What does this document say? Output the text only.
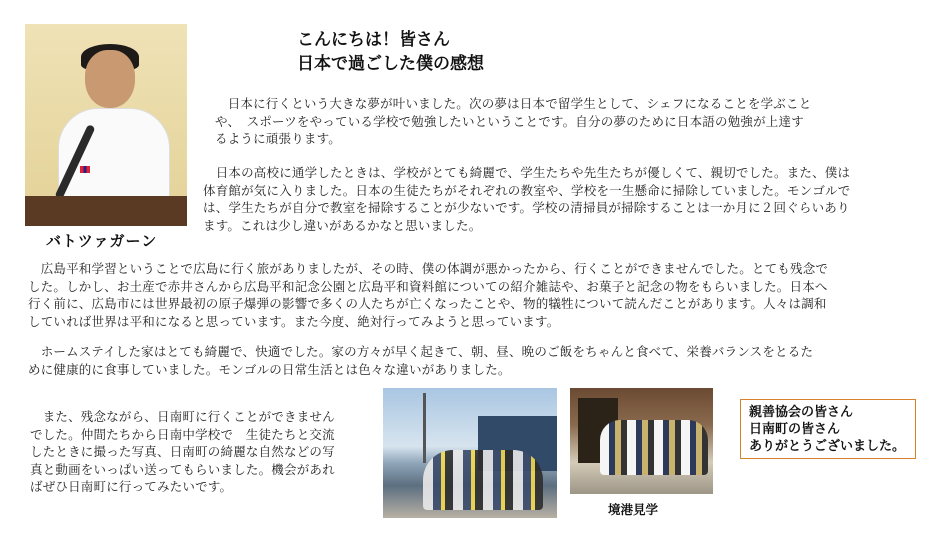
バトツァガーン
こんにちは！皆さん
日本で過ごした僕の感想

　日本に行くという大きな夢が叶いました。次の夢は日本で留学生として、シェフになることを学ぶこと

や、　スポーツをやっている学校で勉強したいということです。自分の夢のために日本語の勉強が上達す

るように頑張ります。

　日本の高校に通学したときは、学校がとても綺麗で、学生たちや先生たちが優しくて、親切でした。また、僕は

体育館が気に入りました。日本の生徒たちがそれぞれの教室や、学校を一生懸命に掃除していました。モンゴルで

は、学生たちが自分で教室を掃除することが少ないです。学校の清掃員が掃除することは一か月に２回ぐらいあり

ます。これは少し違いがあるかなと思いました。

　広島平和学習ということで広島に行く旅がありましたが、その時、僕の体調が悪かったから、行くことができませんでした。とても残念で

した。しかし、お土産で赤井さんから広島平和記念公園と広島平和資料館についての紹介雑誌や、お菓子と記念の物をもらいました。日本へ

行く前に、広島市には世界最初の原子爆弾の影響で多くの人たちが亡くなったことや、物的犠牲について読んだことがあります。人々は調和

していれば世界は平和になると思っています。また今度、絶対行ってみようと思っています。

　ホームステイした家はとても綺麗で、快適でした。家の方々が早く起きて、朝、昼、晩のご飯をちゃんと食べて、栄養バランスをとるた

めに健康的に食事していました。モンゴルの日常生活とは色々な違いがありました。

　また、残念ながら、日南町に行くことができません

でした。仲間たちから日南中学校で　生徒たちと交流

したときに撮った写真、日南町の綺麗な自然などの写

真と動画をいっぱい送ってもらいました。機会があれ

ばぜひ日南町に行ってみたいです。

境港見学
親善協会の皆さん
日南町の皆さん
ありがとうございました。
